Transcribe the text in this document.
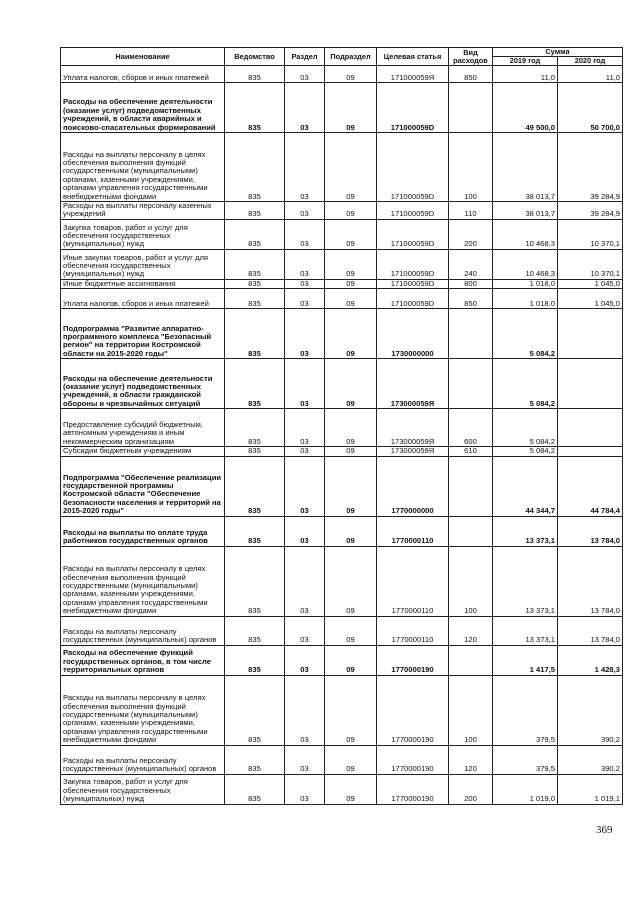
Наименование	Ведомство	Раздел	Подраздел	Целевая статья	Вид расходов	Сумма	
						2019 год	2020 год
Уплата налогов, сборов и иных платежей	835	03	09	171000059Я	850	11,0	11,0
Расходы на обеспечение деятельности (оказание услуг) подведомственных учреждений, в области аварийных и поисково-спасательных формирований	835	03	09	171000059D		49 500,0	50 700,0
Расходы на выплаты персоналу в целях обеспечения выполнения функций государственными (муниципальными) органами, казенными учреждениями, органами управления государственными внебюджетными фондами	835	03	09	171000059D	100	38 013,7	39 284,9
Расходы на выплаты персоналу казенных учреждений	835	03	09	171000059D	110	38 013,7	39 284,9
Закупка товаров, работ и услуг для обеспечения государственных (муниципальных) нужд	835	03	09	171000059D	200	10 468,3	10 370,1
Иные закупки товаров, работ и услуг для обеспечения государственных (муниципальных) нужд	835	03	09	171000059D	240	10 468,3	10 370,1
Иные бюджетные ассигнования	835	03	09	171000059D	800	1 018,0	1 045,0
Уплата налогов, сборов и иных платежей	835	03	09	171000059D	850	1 018,0	1 045,0
Подпрограмма "Развитие аппаратно-программного комплекса "Безопасный регион" на территории Костромской области на 2015-2020 годы"	835	03	09	1730000000		5 084,2	
Расходы на обеспечение деятельности (оказание услуг) подведомственных учреждений, в области гражданской обороны и чрезвычайных ситуаций	835	03	09	173000059Я		5 084,2	
Предоставление субсидий бюджетным, автономным учреждениям и иным некоммерческим организациям	835	03	09	173000059Я	600	5 084,2	
Субсидии бюджетным учреждениям	835	03	09	173000059Я	610	5 084,2	
Подпрограмма "Обеспечение реализации государственной программы Костромской области "Обеспечение безопасности населения и территорий на 2015-2020 годы"	835	03	09	1770000000		44 344,7	44 784,4
Расходы на выплаты по оплате труда работников государственных органов	835	03	09	1770000110		13 373,1	13 784,0
Расходы на выплаты персоналу в целях обеспечения выполнения функций государственными (муниципальными) органами, казенными учреждениями, органами управления государственными внебюджетными фондами	835	03	09	1770000110	100	13 373,1	13 784,0
Расходы на выплаты персоналу государственных (муниципальных) органов	835	03	09	1770000110	120	13 373,1	13 784,0
Расходы на обеспечение функций государственных органов, в том числе территориальных органов	835	03	09	1770000190		1 417,5	1 428,3
Расходы на выплаты персоналу в целях обеспечения выполнения функций государственными (муниципальными) органами, казенными учреждениями, органами управления государственными внебюджетными фондами	835	03	09	1770000190	100	379,5	390,2
Расходы на выплаты персоналу государственных (муниципальных) органов	835	03	09	1770000190	120	379,5	390,2
Закупка товаров, работ и услуг для обеспечения государственных (муниципальных) нужд	835	03	09	1770000190	200	1 019,0	1 019,1
369
